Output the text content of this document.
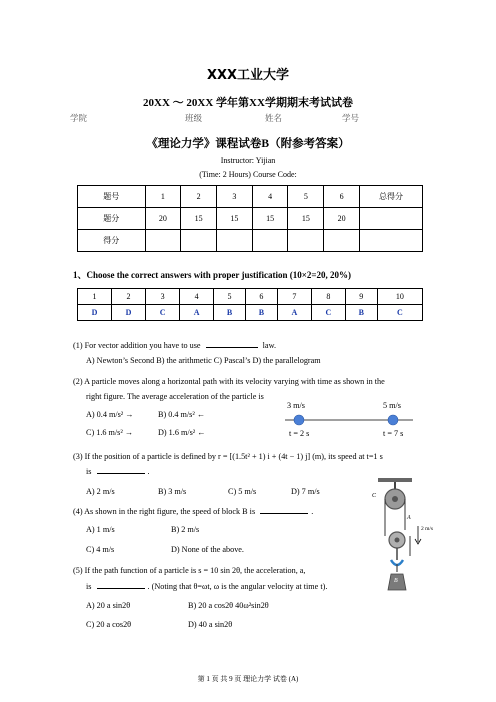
XXX工业大学
20XX ～ 20XX 学年第XX学期期末考试试卷
学院	班级	姓名	学号
《理论力学》课程试卷B（附参考答案）
Instructor: Yijian
(Time: 2 Hours) Course Code:
题号	1	2	3	4	5	6	总得分
题分	20	15	15	15	15	20	
得分							
1、Choose the correct answers with proper justification (10×2=20, 20%)
1	2	3	4	5	6	7	8	9	10
D	D	C	A	B	B	A	C	B	C
(1) For vector addition you have to use	law.
A) Newton’s Second B) the arithmetic C) Pascal’s D) the parallelogram
(2) A particle moves along a horizontal path with its velocity varying with time as shown in the
right figure. The average acceleration of the particle is
A) 0.4 m/s² →	B) 0.4 m/s² ←
C) 1.6 m/s² →	D) 1.6 m/s² ←
3 m/s	5 m/s
t = 2 s	t = 7 s
(3) If the position of a particle is defined by r = [(1.5t² + 1) i + (4t − 1) j] (m), its speed at t=1 s
is	.
A) 2 m/s	B) 3 m/s	C) 5 m/s	D) 7 m/s
(4) As shown in the right figure, the speed of block B is	.
A) 1 m/s	B) 2 m/s
C) 4 m/s	D) None of the above.
C
A
2 m/s
B
(5) If the path function of a particle is s = 10 sin 2θ, the acceleration, a,
is	. (Noting that θ=ωt, ω is the angular velocity at time t).
A) 20 a sin2θ	B) 20 a cos2θ 40ω²sin2θ
C) 20 a cos2θ	D) 40 a sin2θ
第 1 页 共 9 页 理论力学 试卷 (A)
